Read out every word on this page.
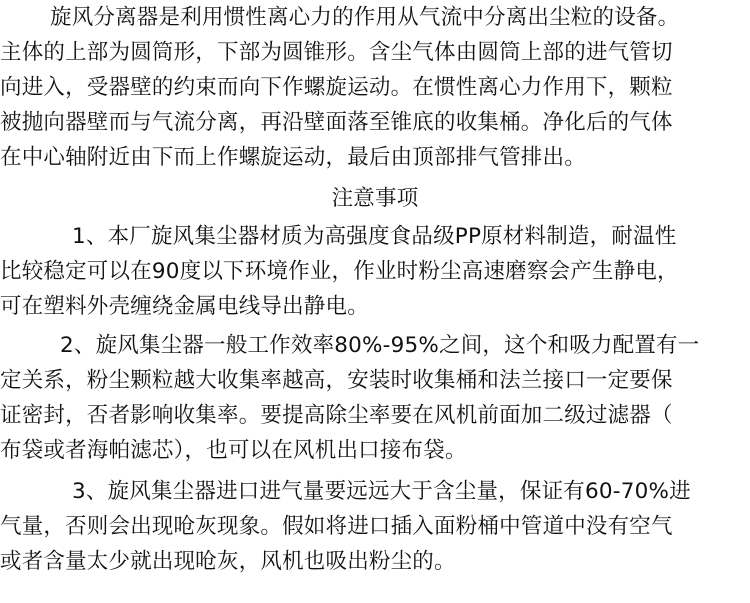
旋风分离器是利用惯性离心力的作用从气流中分离出尘粒的设备。
主体的上部为圆筒形，下部为圆锥形。含尘气体由圆筒上部的进气管切
向进入，受器壁的约束而向下作螺旋运动。在惯性离心力作用下，颗粒
被抛向器壁而与气流分离，再沿壁面落至锥底的收集桶。净化后的气体
在中心轴附近由下而上作螺旋运动，最后由顶部排气管排出。
注意事项
1、本厂旋风集尘器材质为高强度食品级PP原材料制造，耐温性
比较稳定可以在90度以下环境作业，作业时粉尘高速磨察会产生静电，
可在塑料外壳缠绕金属电线导出静电。
2、旋风集尘器一般工作效率80%-95%之间，这个和吸力配置有一
定关系，粉尘颗粒越大收集率越高，安装时收集桶和法兰接口一定要保
证密封，否者影响收集率。要提高除尘率要在风机前面加二级过滤器（
布袋或者海帕滤芯），也可以在风机出口接布袋。
3、旋风集尘器进口进气量要远远大于含尘量，保证有60-70%进
气量，否则会出现呛灰现象。假如将进口插入面粉桶中管道中没有空气
或者含量太少就出现呛灰，风机也吸出粉尘的。
